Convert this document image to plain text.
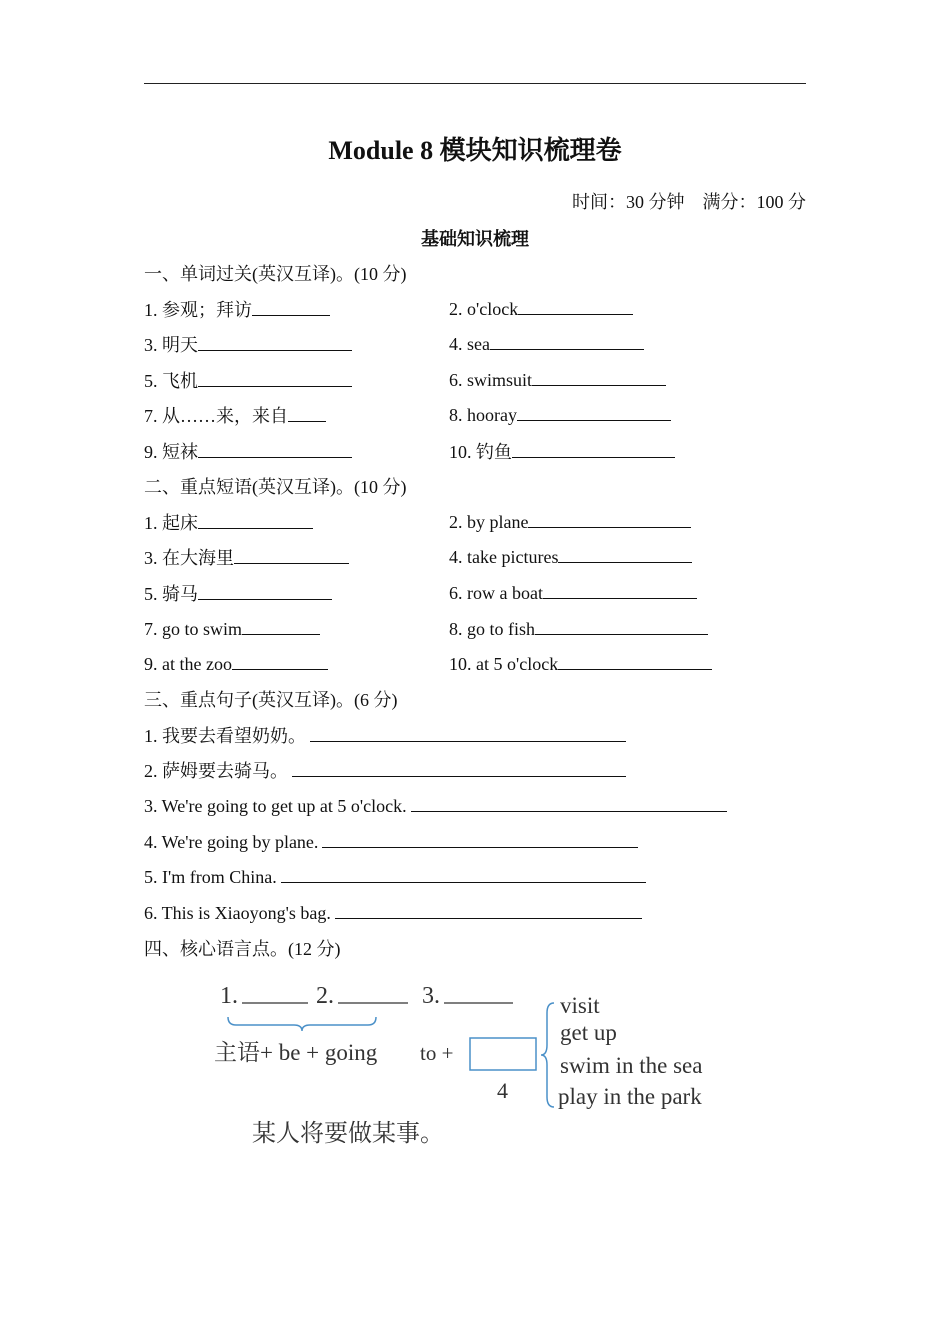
Module 8 模块知识梳理卷
时间：30 分钟　满分：100 分
基础知识梳理
一、单词过关(英汉互译)。(10 分)
1. 参观；拜访	2. o'clock
3. 明天	4. sea
5. 飞机	6. swimsuit
7. 从……来，来自	8. hooray
9. 短袜	10. 钓鱼
二、重点短语(英汉互译)。(10 分)
1. 起床	2. by plane
3. 在大海里	4. take pictures
5. 骑马	6. row a boat
7. go to swim	8. go to fish
9. at the zoo	10. at 5 o'clock
三、重点句子(英汉互译)。(6 分)
1. 我要去看望奶奶。
2. 萨姆要去骑马。
3. We're going to get up at 5 o'clock.
4. We're going by plane.
5. I'm from China.
6. This is Xiaoyong's bag.
四、核心语言点。(12 分)
1.	2.	3.
主语+ be + going to +
4
visit
get up
swim in the sea
play in the park
某人将要做某事。
